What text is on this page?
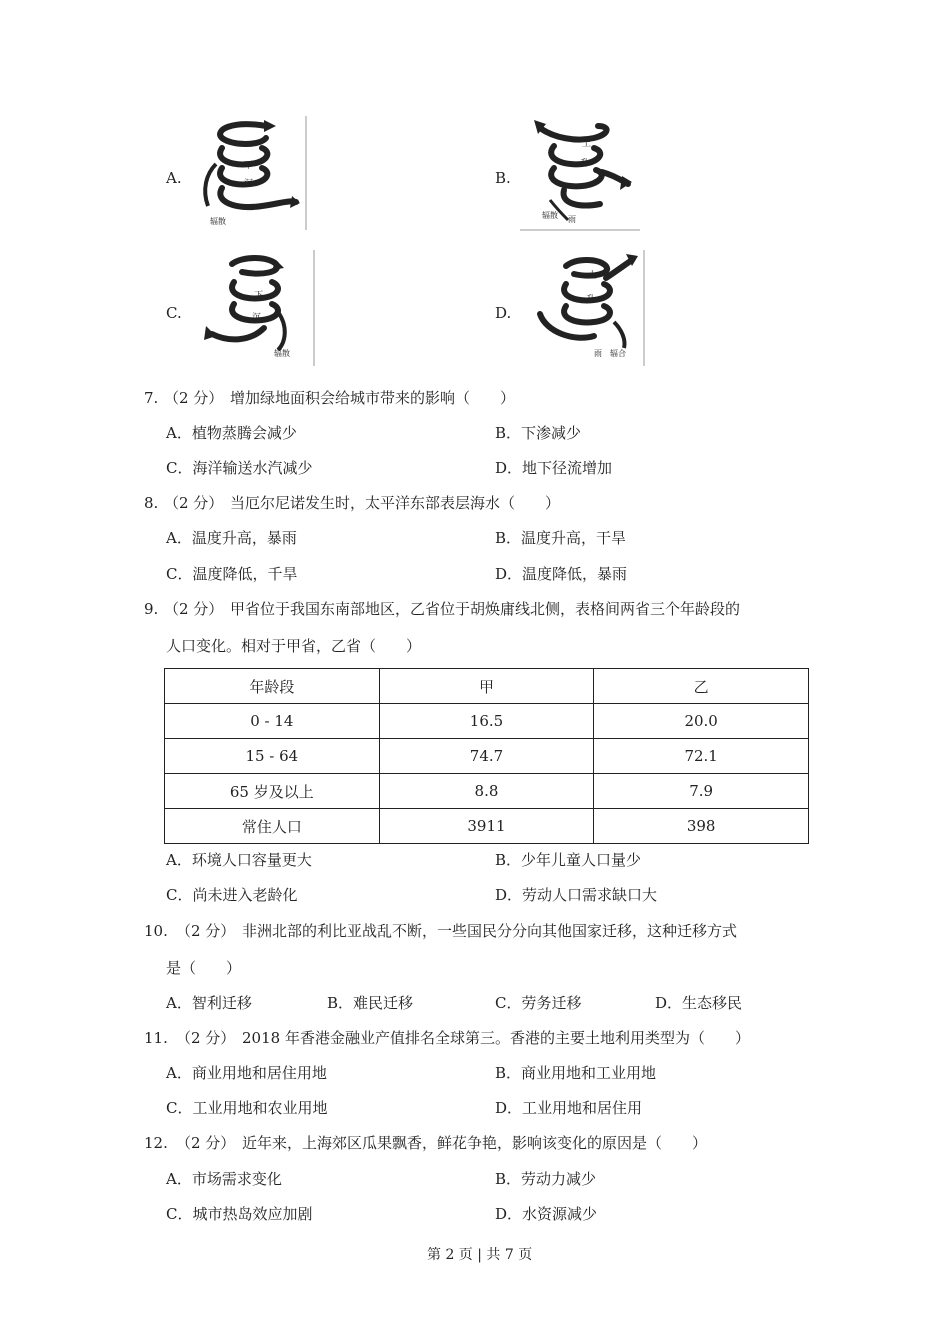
A.
下
沉
辐散
B.
上
升
辐散 雨
C.
下
沉
辐散
D.
上
升
雨 辐合
7. （2 分） 增加绿地面积会给城市带来的影响（　　）
A．植物蒸腾会减少	B．下渗减少
C．海洋输送水汽减少	D．地下径流增加
8. （2 分） 当厄尔尼诺发生时，太平洋东部表层海水（　　）
A．温度升高，暴雨	B．温度升高，干旱
C．温度降低，千旱	D．温度降低，暴雨
9. （2 分） 甲省位于我国东南部地区，乙省位于胡焕庸线北侧，表格间两省三个年龄段的
人口变化。相对于甲省，乙省（　　）
年龄段	甲	乙
0 - 14	16.5	20.0
15 - 64	74.7	72.1
65 岁及以上	8.8	7.9
常住人口	3911	398
A．环境人口容量更大	B．少年儿童人口量少
C．尚未进入老龄化	D．劳动人口需求缺口大
10. （2 分） 非洲北部的利比亚战乱不断，一些国民分分向其他国家迁移，这种迁移方式
是（　　）
A．智利迁移	B．难民迁移	C．劳务迁移	D．生态移民
11. （2 分） 2018 年香港金融业产值排名全球第三。香港的主要土地利用类型为（　　）
A．商业用地和居住用地	B．商业用地和工业用地
C．工业用地和农业用地	D．工业用地和居住用
12. （2 分） 近年来，上海郊区瓜果飘香，鲜花争艳，影响该变化的原因是（　　）
A．市场需求变化	B．劳动力减少
C．城市热岛效应加剧	D．水资源减少
第 2 页 | 共 7 页
